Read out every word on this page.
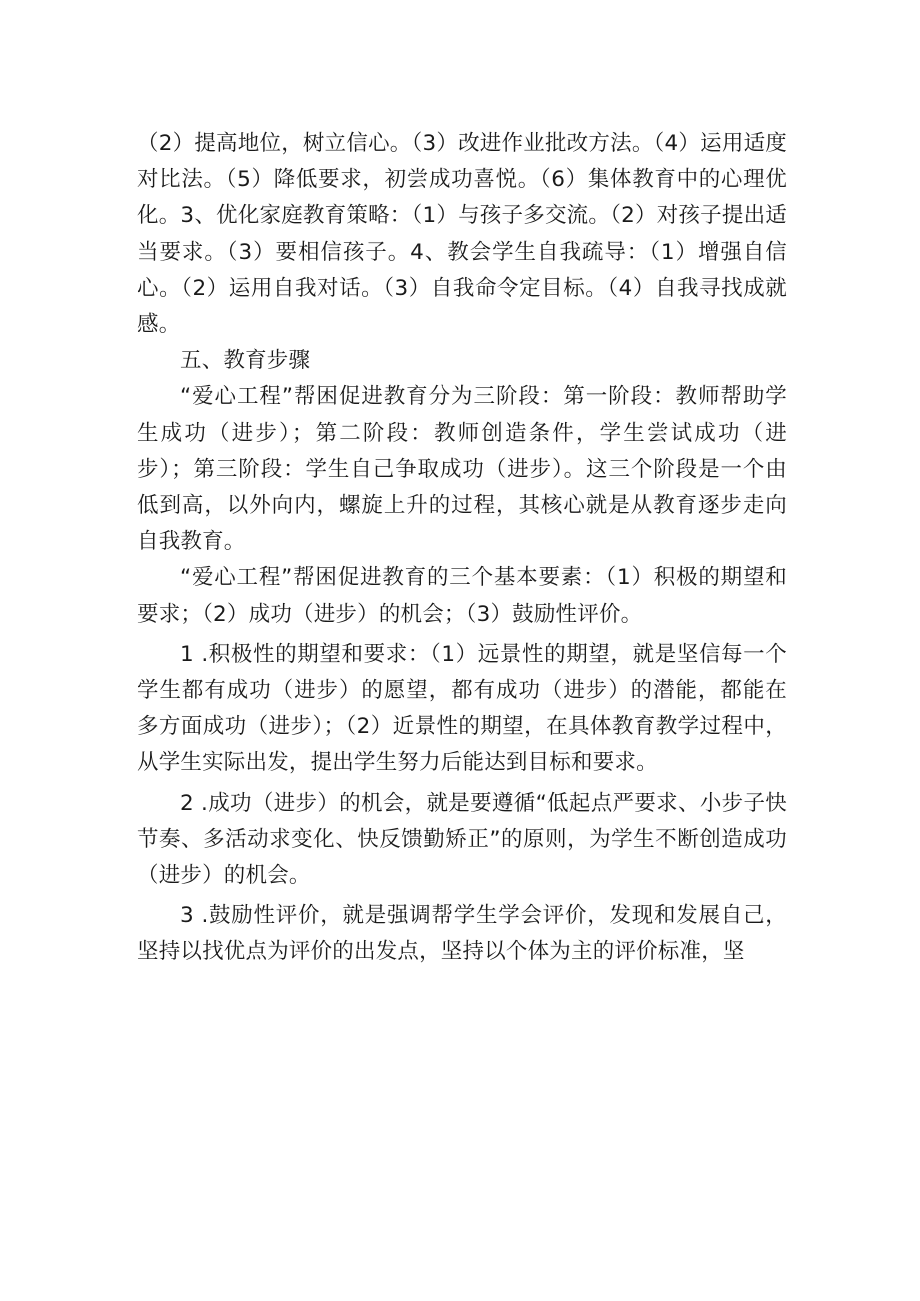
（2）提高地位，树立信心。（3）改进作业批改方法。（4）运用适度对比法。（5）降低要求，初尝成功喜悦。（6）集体教育中的心理优化。3、优化家庭教育策略：（1）与孩子多交流。（2）对孩子提出适当要求。（3）要相信孩子。4、教会学生自我疏导：（1）增强自信心。（2）运用自我对话。（3）自我命令定目标。（4）自我寻找成就感。

五、教育步骤

“爱心工程”帮困促进教育分为三阶段：第一阶段：教师帮助学生成功（进步）；第二阶段：教师创造条件，学生尝试成功（进步）；第三阶段：学生自己争取成功（进步）。这三个阶段是一个由低到高，以外向内，螺旋上升的过程，其核心就是从教育逐步走向自我教育。

“爱心工程”帮困促进教育的三个基本要素：（1）积极的期望和要求；（2）成功（进步）的机会；（3）鼓励性评价。

1 .积极性的期望和要求：（1）远景性的期望，就是坚信每一个学生都有成功（进步）的愿望，都有成功（进步）的潜能，都能在多方面成功（进步）；（2）近景性的期望，在具体教育教学过程中，从学生实际出发，提出学生努力后能达到目标和要求。

2 .成功（进步）的机会，就是要遵循“低起点严要求、小步子快节奏、多活动求变化、快反馈勤矫正”的原则，为学生不断创造成功（进步）的机会。

3 .鼓励性评价，就是强调帮学生学会评价，发现和发展自己，坚持以找优点为评价的出发点，坚持以个体为主的评价标准，坚
